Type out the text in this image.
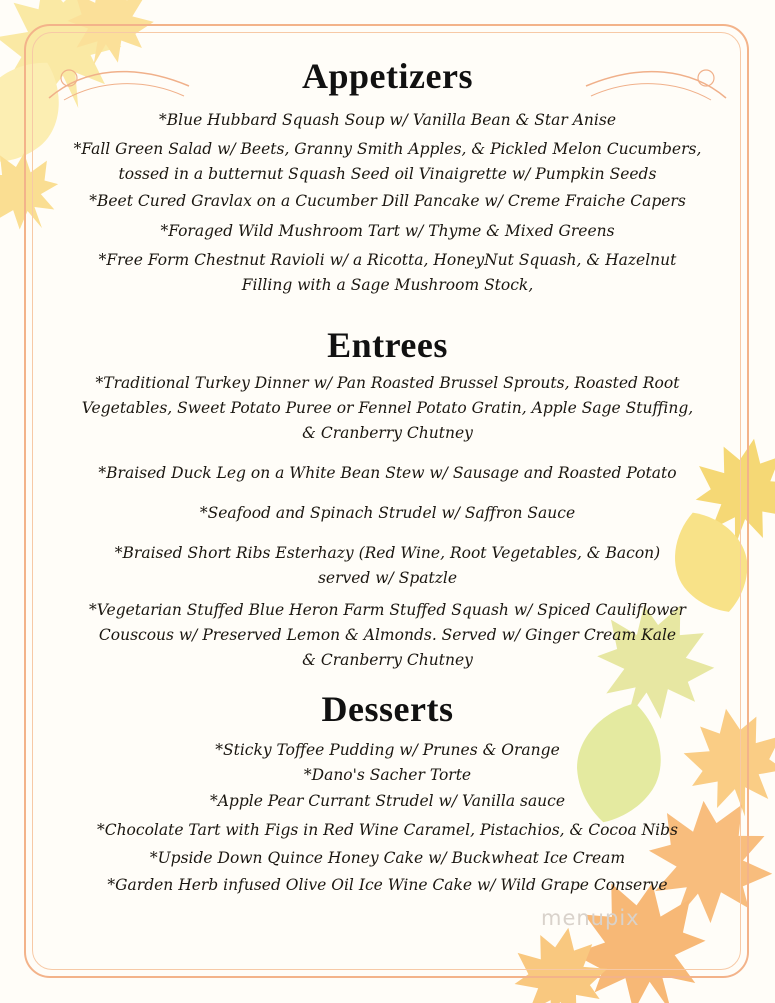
Appetizers
*Blue Hubbard Squash Soup w/ Vanilla Bean & Star Anise
*Fall Green Salad w/ Beets, Granny Smith Apples, & Pickled Melon Cucumbers,
tossed in a butternut Squash Seed oil Vinaigrette w/ Pumpkin Seeds
*Beet Cured Gravlax on a Cucumber Dill Pancake w/ Creme Fraiche Capers
*Foraged Wild Mushroom Tart w/ Thyme & Mixed Greens
*Free Form Chestnut Ravioli w/ a Ricotta, HoneyNut Squash, & Hazelnut
Filling with a Sage Mushroom Stock,
Entrees
*Traditional Turkey Dinner w/ Pan Roasted Brussel Sprouts, Roasted Root
Vegetables, Sweet Potato Puree or Fennel Potato Gratin, Apple Sage Stuffing,
& Cranberry Chutney
*Braised Duck Leg on a White Bean Stew w/ Sausage and Roasted Potato
*Seafood and Spinach Strudel w/ Saffron Sauce
*Braised Short Ribs Esterhazy (Red Wine, Root Vegetables, & Bacon)
served w/ Spatzle
*Vegetarian Stuffed Blue Heron Farm Stuffed Squash w/ Spiced Cauliflower
Couscous w/ Preserved Lemon & Almonds. Served w/ Ginger Cream Kale
& Cranberry Chutney
Desserts
*Sticky Toffee Pudding w/ Prunes & Orange
*Dano's Sacher Torte
*Apple Pear Currant Strudel w/ Vanilla sauce
*Chocolate Tart with Figs in Red Wine Caramel, Pistachios, & Cocoa Nibs
*Upside Down Quince Honey Cake w/ Buckwheat Ice Cream
*Garden Herb infused Olive Oil Ice Wine Cake w/ Wild Grape Conserve
menupix
